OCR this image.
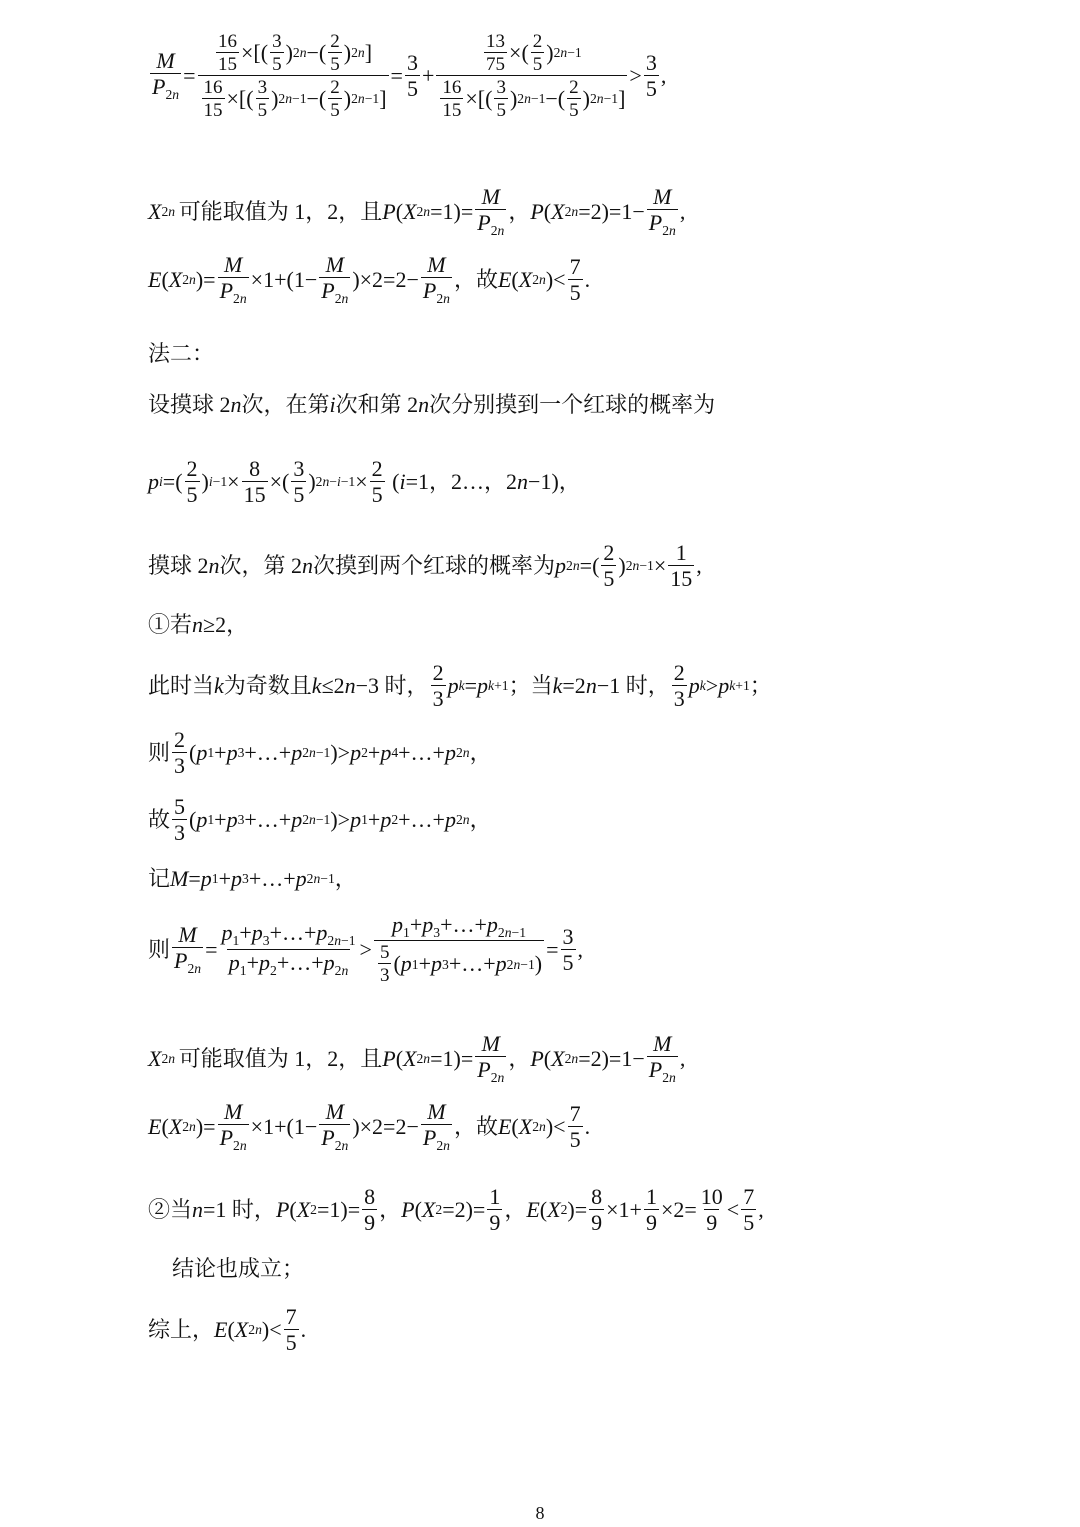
$\frac{M}{P_{2n}} = \frac{\frac{16}{15} \times[( \frac{3}{5} ) 2n -( \frac{2}{5} ) 2n ]}{\frac{16}{15} \times[( \frac{3}{5} ) 2n-1 -( \frac{2}{5} ) 2n-1 ]} = \frac{3}{5} + \frac{\frac{13}{75} \times( \frac{2}{5} ) 2n-1}{\frac{16}{15} \times[( \frac{3}{5} ) 2n-1 -( \frac{2}{5} ) 2n-1 ]} > \frac{3}{5}$ ,
X 2n  可能取值为 1，2，且 P ( X $2n =1)= \frac{M}{P_{2n}}$ ， P ( X $2n =2)=1- \frac{M}{P_{2n}}$ ,
E ( X 2n )= $\frac{M}{P_{2n}} \times 1+(1- \frac{M}{P_{2n}} )\times 2=2- \frac{M}{P_{2n}}$ ，故 E ( X 2n )< $\frac{7}{5}$ .
法二：
设摸球 2 n 次，在第 i 次和第 2 n 次分别摸到一个红球的概率为
p i =( $\frac{2}{5}$ ) $i-1 \times \frac{8}{15}$ ×( $\frac{3}{5}$ ) $2n-i-1 \times \frac{2}{5}$ ( i =1，2…，2 n −1)，
摸球 2 n 次，第 2 n 次摸到两个红球的概率为 p 2n =( $\frac{2}{5}$ ) $2n-1 \times \frac{1}{15}$ ,
①若 n ≥2，
此时当 k 为奇数且 k ≤2 n −3 时， $\frac{2}{3}$ p k = p k+1 ；当 k =2 n −1 时， $\frac{2}{3}$ p k > p k+1 ；
则 $\frac{2}{3}$ ( p 1 + p 3 +…+ p 2n−1 )> p 2 + p 4 +…+ p 2n ，
故 $\frac{5}{3}$ ( p 1 + p 3 +…+ p 2n−1 )> p 1 + p 2 +…+ p 2n ，
记 M = p 1 + p 3 +…+ p 2n−1 ，
则 $\frac{M}{P_{2n}} = \frac{p_1+p_3+\dots+p_{2n-1}}{p_1+p_2+\dots+p_{2n}} > \frac{p_1+p_3+\dots+p_{2n-1}}{\frac{5}{3} ( p 1 + p 3 +\dots+ p 2n-1 )} = \frac{3}{5}$ ,
X 2n  可能取值为 1，2，且 P ( X $2n =1)= \frac{M}{P_{2n}}$ ， P ( X $2n =2)=1- \frac{M}{P_{2n}}$ ,
E ( X 2n )= $\frac{M}{P_{2n}} \times 1+(1- \frac{M}{P_{2n}} )\times 2=2- \frac{M}{P_{2n}}$ ，故 E ( X 2n )< $\frac{7}{5}$ .
②当 n =1 时， P ( X $2 =1)= \frac{8}{9}$ ， P ( X $2 =2)= \frac{1}{9}$ ， E ( X 2 )= $\frac{8}{9} \times 1+ \frac{1}{9} \times 2= \frac{10}{9} < \frac{7}{5}$ ,
结论也成立；
综上， E ( X 2n )< $\frac{7}{5}$ .
8
